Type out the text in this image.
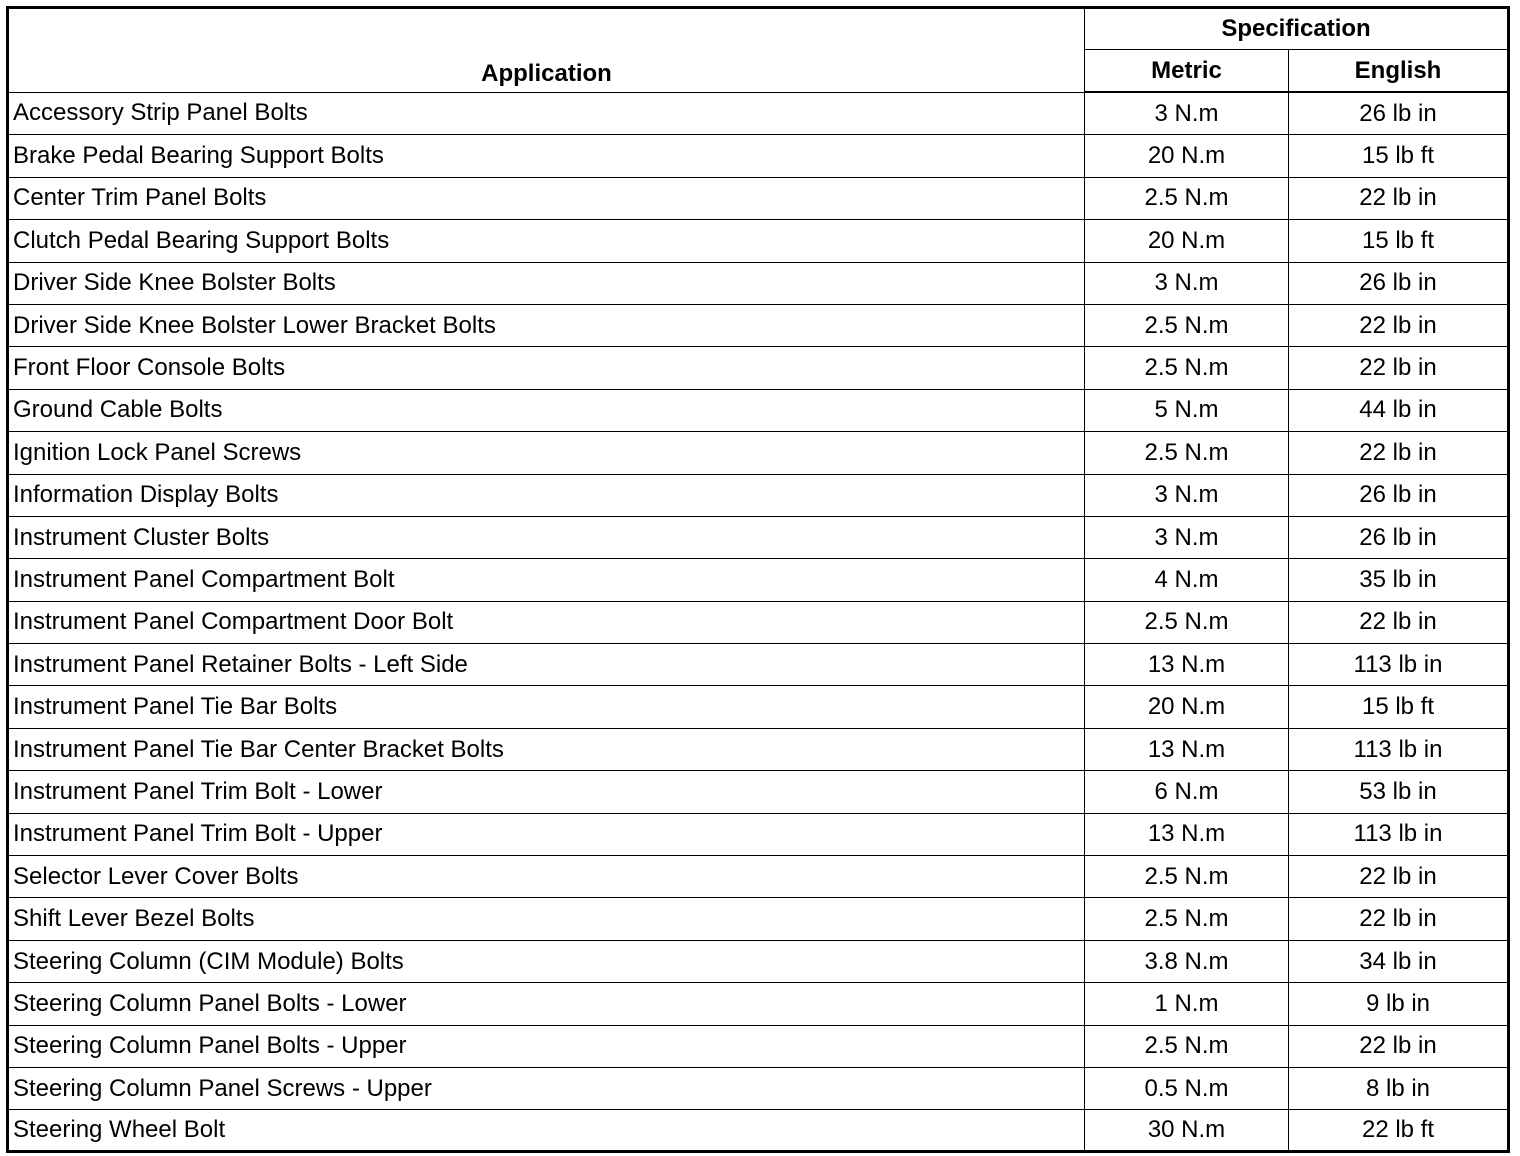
Application	Specification	
	Metric	English
Accessory Strip Panel Bolts	3 N.m	26 lb in
Brake Pedal Bearing Support Bolts	20 N.m	15 lb ft
Center Trim Panel Bolts	2.5 N.m	22 lb in
Clutch Pedal Bearing Support Bolts	20 N.m	15 lb ft
Driver Side Knee Bolster Bolts	3 N.m	26 lb in
Driver Side Knee Bolster Lower Bracket Bolts	2.5 N.m	22 lb in
Front Floor Console Bolts	2.5 N.m	22 lb in
Ground Cable Bolts	5 N.m	44 lb in
Ignition Lock Panel Screws	2.5 N.m	22 lb in
Information Display Bolts	3 N.m	26 lb in
Instrument Cluster Bolts	3 N.m	26 lb in
Instrument Panel Compartment Bolt	4 N.m	35 lb in
Instrument Panel Compartment Door Bolt	2.5 N.m	22 lb in
Instrument Panel Retainer Bolts - Left Side	13 N.m	113 lb in
Instrument Panel Tie Bar Bolts	20 N.m	15 lb ft
Instrument Panel Tie Bar Center Bracket Bolts	13 N.m	113 lb in
Instrument Panel Trim Bolt - Lower	6 N.m	53 lb in
Instrument Panel Trim Bolt - Upper	13 N.m	113 lb in
Selector Lever Cover Bolts	2.5 N.m	22 lb in
Shift Lever Bezel Bolts	2.5 N.m	22 lb in
Steering Column (CIM Module) Bolts	3.8 N.m	34 lb in
Steering Column Panel Bolts - Lower	1 N.m	9 lb in
Steering Column Panel Bolts - Upper	2.5 N.m	22 lb in
Steering Column Panel Screws - Upper	0.5 N.m	8 lb in
Steering Wheel Bolt	30 N.m	22 lb ft
